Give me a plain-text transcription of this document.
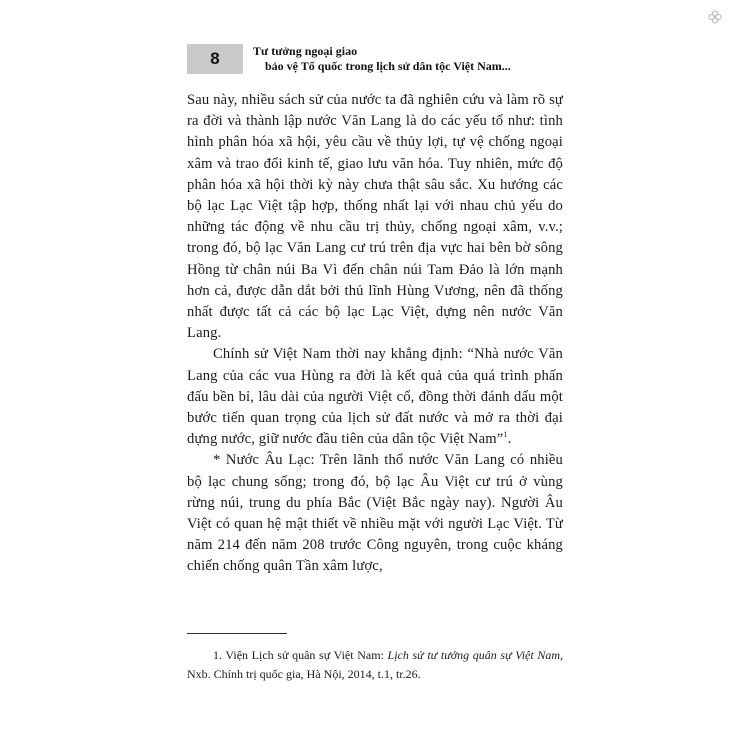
8	Tư tưởng ngoại giao
bảo vệ Tổ quốc trong lịch sử dân tộc Việt Nam...

Sau này, nhiều sách sử của nước ta đã nghiên cứu và làm rõ sự ra đời và thành lập nước Văn Lang là do các yếu tố như: tình hình phân hóa xã hội, yêu cầu về thủy lợi, tự vệ chống ngoại xâm và trao đổi kinh tế, giao lưu văn hóa. Tuy nhiên, mức độ phân hóa xã hội thời kỳ này chưa thật sâu sắc. Xu hướng các bộ lạc Lạc Việt tập hợp, thống nhất lại với nhau chủ yếu do những tác động về nhu cầu trị thủy, chống ngoại xâm, v.v.; trong đó, bộ lạc Văn Lang cư trú trên địa vực hai bên bờ sông Hồng từ chân núi Ba Vì đến chân núi Tam Đảo là lớn mạnh hơn cả, được dẫn dắt bởi thủ lĩnh Hùng Vương, nên đã thống nhất được tất cả các bộ lạc Lạc Việt, dựng nên nước Văn Lang.

Chính sử Việt Nam thời nay khẳng định: “Nhà nước Văn Lang của các vua Hùng ra đời là kết quả của quá trình phấn đấu bền bỉ, lâu dài của người Việt cổ, đồng thời đánh dấu một bước tiến quan trọng của lịch sử đất nước và mở ra thời đại dựng nước, giữ nước đầu tiên của dân tộc Việt Nam”$^1$.

* Nước Âu Lạc: Trên lãnh thổ nước Văn Lang có nhiều bộ lạc chung sống; trong đó, bộ lạc Âu Việt cư trú ở vùng rừng núi, trung du phía Bắc (Việt Bắc ngày nay). Người Âu Việt có quan hệ mật thiết về nhiều mặt với người Lạc Việt. Từ năm 214 đến năm 208 trước Công nguyên, trong cuộc kháng chiến chống quân Tần xâm lược,

1. Viện Lịch sử quân sự Việt Nam: Lịch sử tư tưởng quân sự Việt Nam, Nxb. Chính trị quốc gia, Hà Nội, 2014, t.1, tr.26.
